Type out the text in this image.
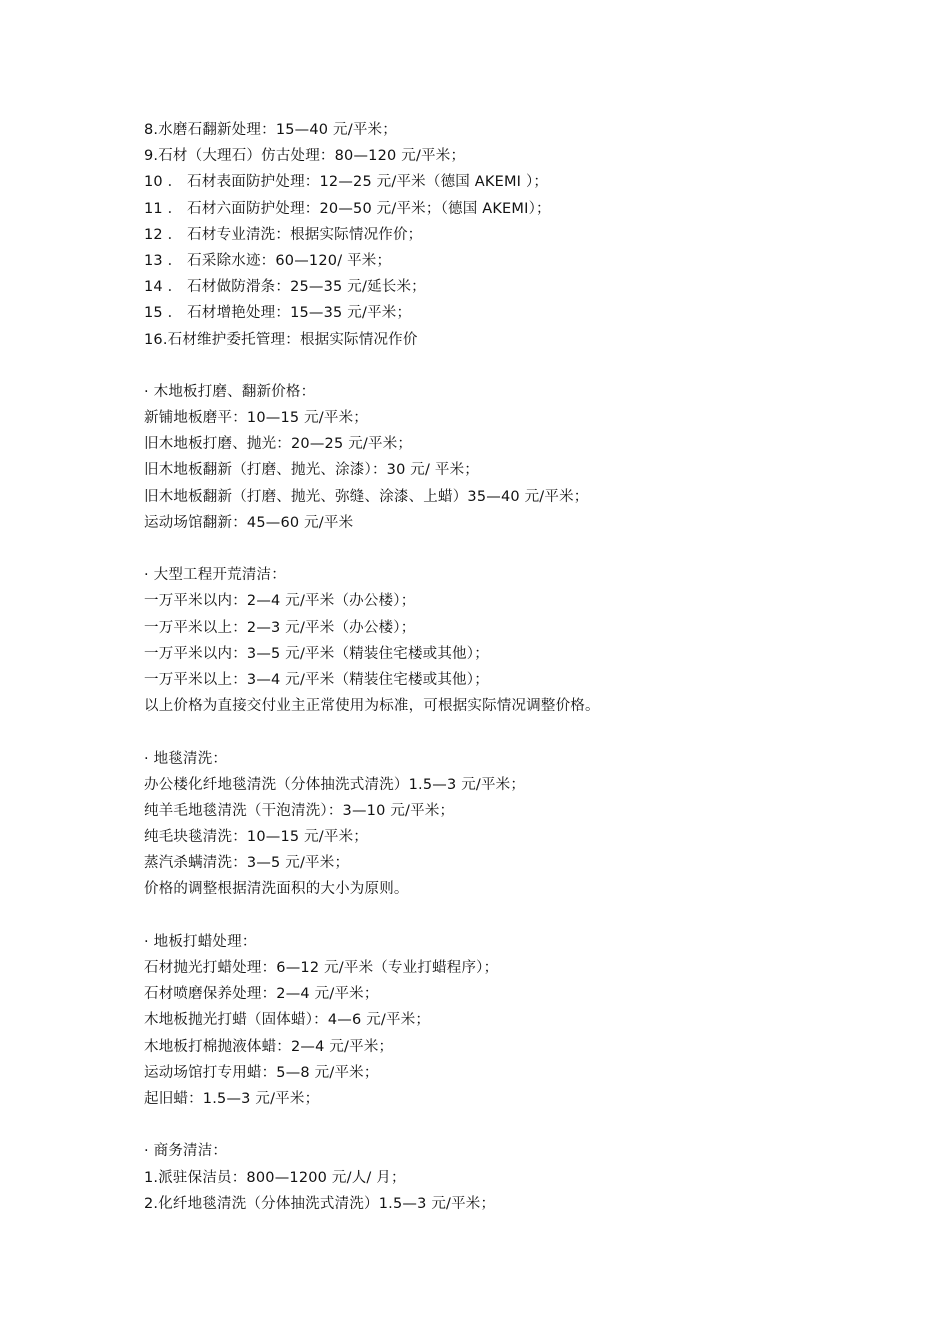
8.水磨石翻新处理：15—40 元/平米；
9.石材（大理石）仿古处理：80—120 元/平米；
10 ． 石材表面防护处理：12—25 元/平米（德国 AKEMI ）；
11 ． 石材六面防护处理：20—50 元/平米；（德国 AKEMI）；
12 ． 石材专业清洗：根据实际情况作价；
13 ． 石采除水迹：60—120/ 平米；
14 ． 石材做防滑条：25—35 元/延长米；
15 ． 石材增艳处理：15—35 元/平米；
16.石材维护委托管理：根据实际情况作价
· 木地板打磨、翻新价格：
新铺地板磨平：10—15 元/平米；
旧木地板打磨、抛光：20—25 元/平米；
旧木地板翻新（打磨、抛光、涂漆）：30 元/ 平米；
旧木地板翻新（打磨、抛光、弥缝、涂漆、上蜡）35—40 元/平米；
运动场馆翻新：45—60 元/平米
· 大型工程开荒清洁：
一万平米以内：2—4 元/平米（办公楼）；
一万平米以上：2—3 元/平米（办公楼）；
一万平米以内：3—5 元/平米（精装住宅楼或其他）；
一万平米以上：3—4 元/平米（精装住宅楼或其他）；
以上价格为直接交付业主正常使用为标准，可根据实际情况调整价格。
· 地毯清洗：
办公楼化纤地毯清洗（分体抽洗式清洗）1.5—3 元/平米；
纯羊毛地毯清洗（干泡清洗）：3—10 元/平米；
纯毛块毯清洗：10—15 元/平米；
蒸汽杀螨清洗：3—5 元/平米；
价格的调整根据清洗面积的大小为原则。
· 地板打蜡处理：
石材抛光打蜡处理：6—12 元/平米（专业打蜡程序）；
石材喷磨保养处理：2—4 元/平米；
木地板抛光打蜡（固体蜡）：4—6 元/平米；
木地板打棉抛液体蜡：2—4 元/平米；
运动场馆打专用蜡：5—8 元/平米；
起旧蜡：1.5—3 元/平米；
· 商务清洁：
1.派驻保洁员：800—1200 元/人/ 月；
2.化纤地毯清洗（分体抽洗式清洗）1.5—3 元/平米；
